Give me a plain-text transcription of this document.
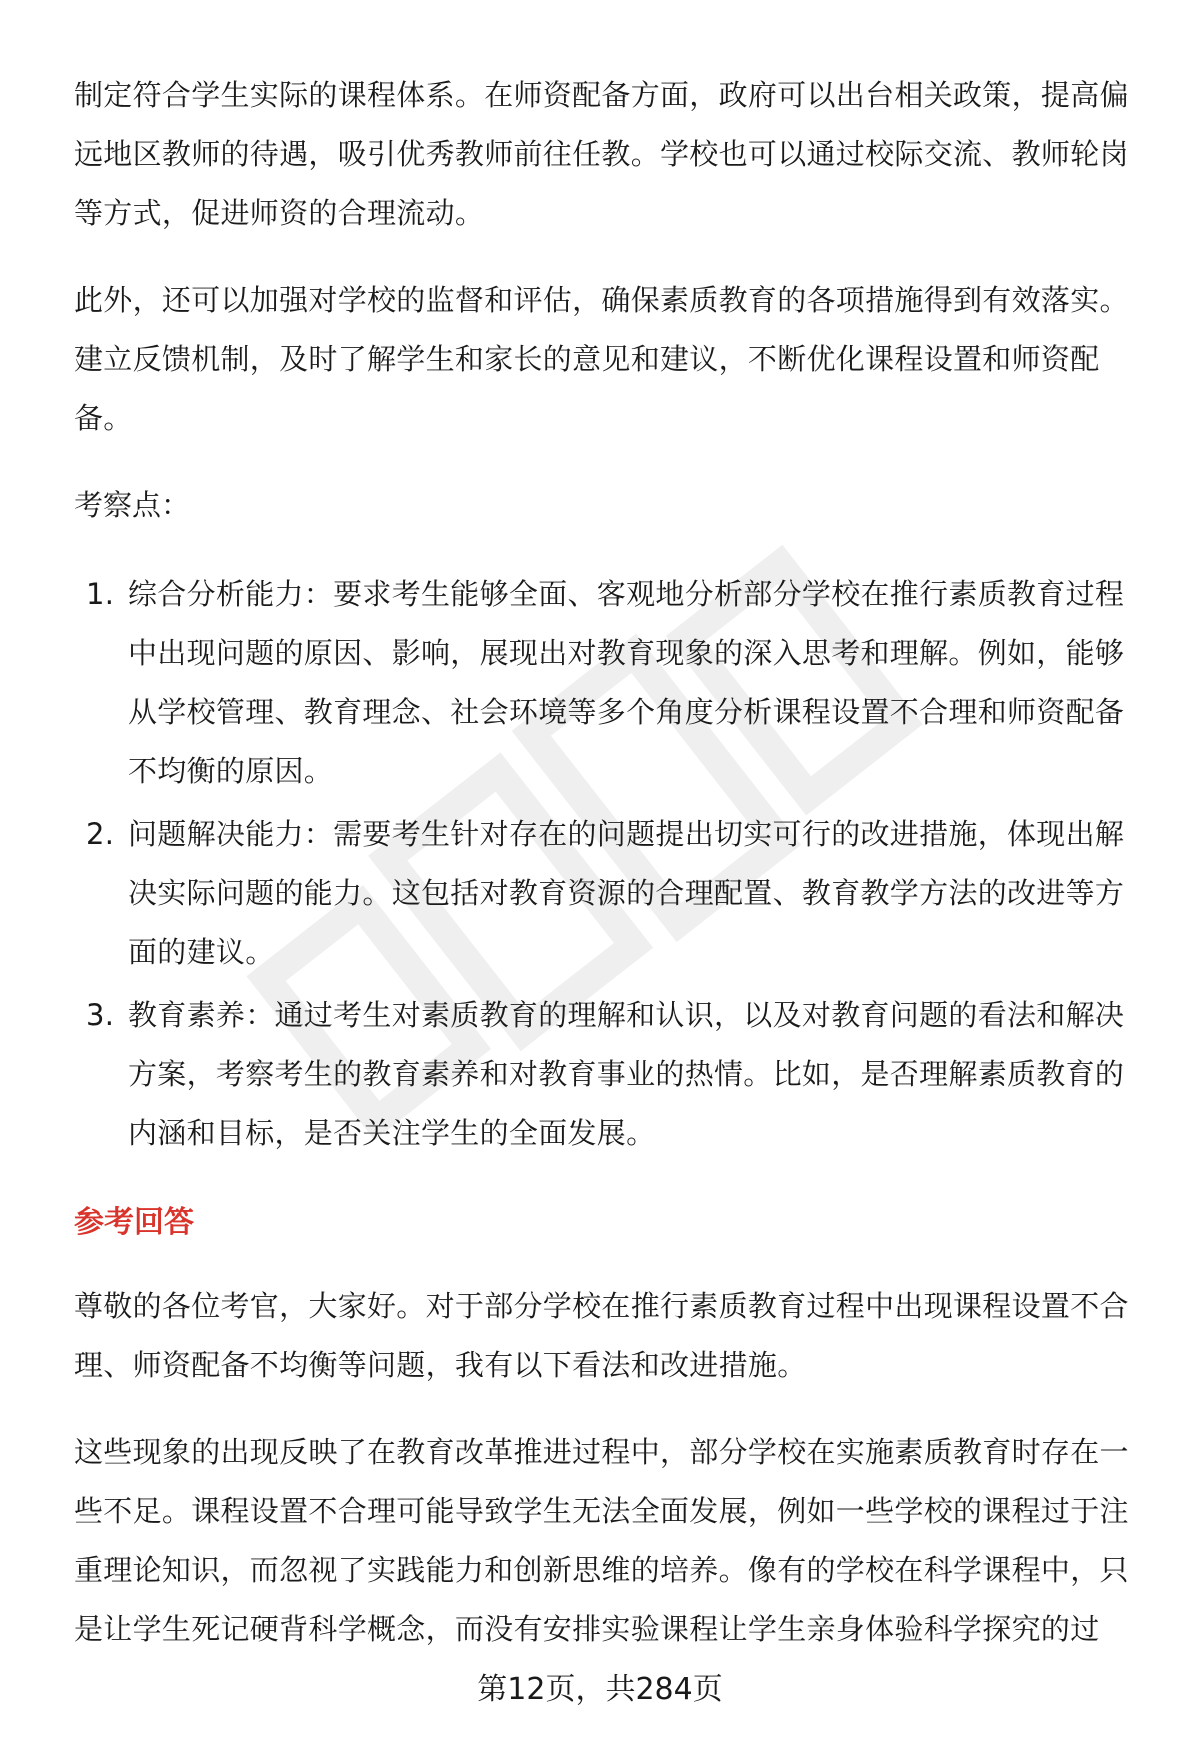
制定符合学生实际的课程体系。在师资配备方面，政府可以出台相关政策，提高偏远地区教师的待遇，吸引优秀教师前往任教。学校也可以通过校际交流、教师轮岗等方式，促进师资的合理流动。

此外，还可以加强对学校的监督和评估，确保素质教育的各项措施得到有效落实。建立反馈机制，及时了解学生和家长的意见和建议，不断优化课程设置和师资配备。

考察点：
1. 综合分析能力：要求考生能够全面、客观地分析部分学校在推行素质教育过程中出现问题的原因、影响，展现出对教育现象的深入思考和理解。例如，能够从学校管理、教育理念、社会环境等多个角度分析课程设置不合理和师资配备不均衡的原因。
2. 问题解决能力：需要考生针对存在的问题提出切实可行的改进措施，体现出解决实际问题的能力。这包括对教育资源的合理配置、教育教学方法的改进等方面的建议。
3. 教育素养：通过考生对素质教育的理解和认识，以及对教育问题的看法和解决方案，考察考生的教育素养和对教育事业的热情。比如，是否理解素质教育的内涵和目标，是否关注学生的全面发展。
参考回答

尊敬的各位考官，大家好。对于部分学校在推行素质教育过程中出现课程设置不合理、师资配备不均衡等问题，我有以下看法和改进措施。

这些现象的出现反映了在教育改革推进过程中，部分学校在实施素质教育时存在一些不足。课程设置不合理可能导致学生无法全面发展，例如一些学校的课程过于注重理论知识，而忽视了实践能力和创新思维的培养。像有的学校在科学课程中，只是让学生死记硬背科学概念，而没有安排实验课程让学生亲身体验科学探究的过

第12页，共284页
